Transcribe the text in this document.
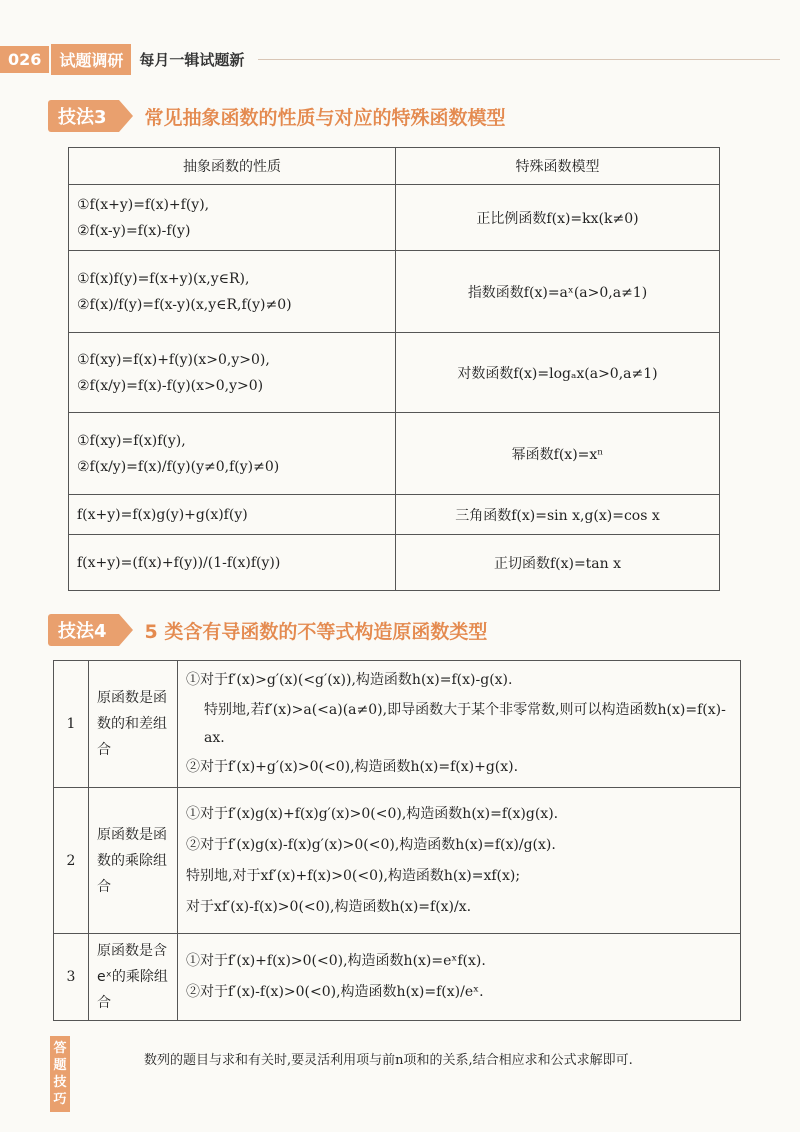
026	试题调研	每月一辑试题新
技法3	常见抽象函数的性质与对应的特殊函数模型
抽象函数的性质	特殊函数模型

①f(x+y)=f(x)+f(y),
②f(x-y)=f(x)-f(y)	正比例函数f(x)=kx(k≠0)

①f(x)f(y)=f(x+y)(x,y∈R),
②f(x)/f(y)=f(x-y)(x,y∈R,f(y)≠0)	指数函数f(x)=aˣ(a>0,a≠1)

①f(xy)=f(x)+f(y)(x>0,y>0),
②f(x/y)=f(x)-f(y)(x>0,y>0)	对数函数f(x)=logₐx(a>0,a≠1)

①f(xy)=f(x)f(y),
②f(x/y)=f(x)/f(y)(y≠0,f(y)≠0)	幂函数f(x)=xⁿ

f(x+y)=f(x)g(y)+g(x)f(y)	三角函数f(x)=sin x,g(x)=cos x

f(x+y)=(f(x)+f(y))/(1-f(x)f(y))	正切函数f(x)=tan x
技法4	5 类含有导函数的不等式构造原函数类型
1	原函数是函数的和差组合	①对于f′(x)>g′(x)(<g′(x)),构造函数h(x)=f(x)-g(x).
特别地,若f′(x)>a(<a)(a≠0),即导函数大于某个非零常数,则可以构造函数h(x)=f(x)-ax.
②对于f′(x)+g′(x)>0(<0),构造函数h(x)=f(x)+g(x).

2	原函数是函数的乘除组合	①对于f′(x)g(x)+f(x)g′(x)>0(<0),构造函数h(x)=f(x)g(x).
②对于f′(x)g(x)-f(x)g′(x)>0(<0),构造函数h(x)=f(x)/g(x).
特别地,对于xf′(x)+f(x)>0(<0),构造函数h(x)=xf(x);
对于xf′(x)-f(x)>0(<0),构造函数h(x)=f(x)/x.

3	原函数是含eˣ的乘除组合	①对于f′(x)+f(x)>0(<0),构造函数h(x)=eˣf(x).
②对于f′(x)-f(x)>0(<0),构造函数h(x)=f(x)/eˣ.
答题技巧
数列的题目与求和有关时,要灵活利用项与前n项和的关系,结合相应求和公式求解即可.
